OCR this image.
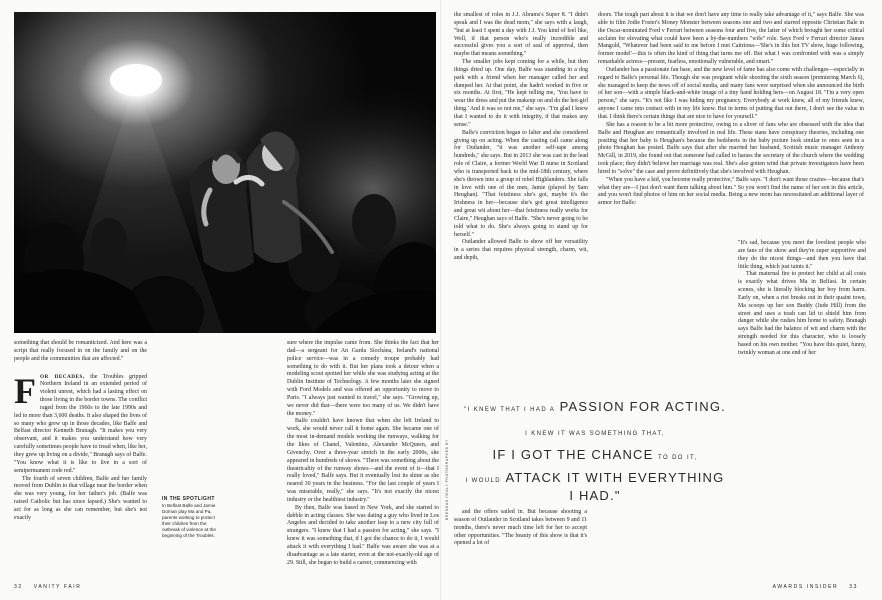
something that should be romanticized. And here was a script that really focused in on the family and on the people and the communities that are affected."

FOR DECADES, the Troubles gripped Northern Ireland in an extended period of violent unrest, which had a lasting effect on those living in the border towns. The conflict raged from the 1960s to the late 1990s and led to more than 3,600 deaths. It also shaped the lives of so many who grew up in those decades, like Balfe and Belfast director Kenneth Branagh. "It makes you very observant, and it makes you understand how very carefully sometimes people have to tread when, like her, they grew up living on a divide," Branagh says of Balfe. "You know what it is like to live in a sort of semipermanent code red."

The fourth of seven children, Balfe and her family moved from Dublin to that village near the border when she was very young, for her father's job. (Balfe was raised Catholic but has since lapsed.) She's wanted to act for as long as she can remember, but she's not exactly

IN THE SPOTLIGHT
In Belfast Balfe and Jamie Dornan play Ma and Pa, parents working to protect their children from the outbreak of violence at the beginning of the Troubles.

sure where the impulse came from. She thinks the fact that her dad—a sergeant for An Garda Síochána, Ireland's national police service—was in a comedy troupe probably had something to do with it. But her plans took a detour when a modeling scout spotted her while she was studying acting at the Dublin Institute of Technology. A few months later she signed with Ford Models and was offered an opportunity to move to Paris. "I always just wanted to travel," she says. "Growing up, we never did that—there were too many of us. We didn't have the money."

Balfe couldn't have known that when she left Ireland to work, she would never call it home again. She became one of the most in-demand models working the runways, walking for the likes of Chanel, Valentino, Alexander McQueen, and Givenchy. Over a three-year stretch in the early 2000s, she appeared in hundreds of shows. "There was something about the theatricality of the runway shows—and the event of it—that I really loved," Balfe says. But it eventually lost its shine as she neared 30 years in the business. "For the last couple of years I was miserable, really," she says. "It's not exactly the nicest industry or the healthiest industry."

By then, Balfe was based in New York, and she started to dabble in acting classes. She was dating a guy who lived in Los Angeles and decided to take another leap to a new city full of strangers. "I knew that I had a passion for acting," she says. "I knew it was something that, if I got the chance to do it, I would attack it with everything I had." Balfe was aware she was at a disadvantage as a late starter, even at the not-exactly-old age of 29. Still, she began to build a career, commencing with

BRENDAN HEALY PHOTOGRAPHED BY

the smallest of roles in J.J. Abrams's Super 8. "I didn't speak and I was the dead mom," she says with a laugh, "but at least I spent a day with J.J. You kind of feel like, Well, if that person who's really incredible and successful gives you a sort of seal of approval, then maybe that means something."

The smaller jobs kept coming for a while, but then things dried up. One day, Balfe was standing in a dog park with a friend when her manager called her and dumped her. At that point, she hadn't worked in five or six months. At first, "He kept telling me, 'You have to wear the dress and put the makeup on and do the hot-girl thing.' And it was so not me," she says. "I'm glad I knew that I wanted to do it with integrity, if that makes any sense."

Balfe's conviction began to falter and she considered giving up on acting. When the casting call came along for Outlander, "it was another self-tape among hundreds," she says. But in 2013 she was cast in the lead role of Claire, a former World War II nurse in Scotland who is transported back to the mid-18th century, where she's thrown into a group of rebel Highlanders. She falls in love with one of the men, Jamie (played by Sam Heughan). "That feistiness she's got, maybe it's the Irishness in her—because she's got great intelligence and great wit about her—that feistiness really works for Claire," Heughan says of Balfe. "She's never going to be told what to do. She's always going to stand up for herself."

Outlander allowed Balfe to show off her versatility in a series that requires physical strength, charm, wit, and depth,

doors. The tough part about it is that we don't have any time to really take advantage of it," says Balfe. She was able to film Jodie Foster's Money Monster between seasons one and two and starred opposite Christian Bale in the Oscar-nominated Ford v Ferrari between seasons four and five, the latter of which brought her some critical acclaim for elevating what could have been a by-the-numbers "wife" role. Says Ford v Ferrari director James Mangold, "Whatever had been said to me before I met Caitriona—'She's in this hot TV show, huge following, former model'—this is often the kind of thing that turns me off. But what I was confronted with was a simply remarkable actress—present, fearless, emotionally vulnerable, and smart."

Outlander has a passionate fan base, and the new level of fame has also come with challenges—especially in regard to Balfe's personal life. Though she was pregnant while shooting the sixth season (premiering March 6), she managed to keep the news off of social media, and many fans were surprised when she announced the birth of her son—with a simple black-and-white image of a tiny hand holding hers—on August 18. "I'm a very open person," she says. "It's not like I was hiding my pregnancy. Everybody at work knew, all of my friends knew, anyone I came into contact with in my life knew. But in terms of putting that out there, I don't see the value in that. I think there's certain things that are nice to have for yourself."

She has a reason to be a bit more protective, owing to a sliver of fans who are obsessed with the idea that Balfe and Heughan are romantically involved in real life. These stans have conspiracy theories, including one positing that her baby is Heughan's because the bedsheets in the baby picture look similar to ones seen in a photo Heughan has posted. Balfe says that after she married her husband, Scottish music manager Anthony McGill, in 2019, she found out that someone had called to harass the secretary of the church where the wedding took place; they didn't believe her marriage was real. She's also gotten wind that private investigators have been hired to "solve" the case and prove definitively that she's involved with Heughan.

"When you have a kid, you become really protective," Balfe says. "I don't want those crazies—because that's what they are—I just don't want them talking about him." So you won't find the name of her son in this article, and you won't find photos of him on her social media. Being a new mom has necessitated an additional layer of armor for Balfe:

"It's sad, because you meet the loveliest people who are fans of the show and they're super supportive and they do the nicest things—and then you have that little thing, which just taints it."

That maternal fire to protect her child at all costs is exactly what drives Ma in Belfast. In certain scenes, she is literally blocking her boy from harm. Early on, when a riot breaks out in their quaint town, Ma scoops up her son Buddy (Jude Hill) from the street and uses a trash can lid to shield him from danger while she rushes him home to safety. Branagh says Balfe had the balance of wit and charm with the strength needed for this character, who is loosely based on his own mother. "You have this quiet, funny, twinkly woman at one end of her

"I KNEW THAT I HAD A PASSION FOR ACTING.
I KNEW IT WAS SOMETHING THAT,
IF I GOT THE CHANCE TO DO IT,
I WOULD ATTACK IT WITH EVERYTHING
I HAD."

and the offers sailed in. But because shooting a season of Outlander in Scotland takes between 9 and 11 months, there's never much time left for her to accept other opportunities. "The beauty of this show is that it's opened a lot of

32 VANITY FAIR	AWARDS INSIDER 33
